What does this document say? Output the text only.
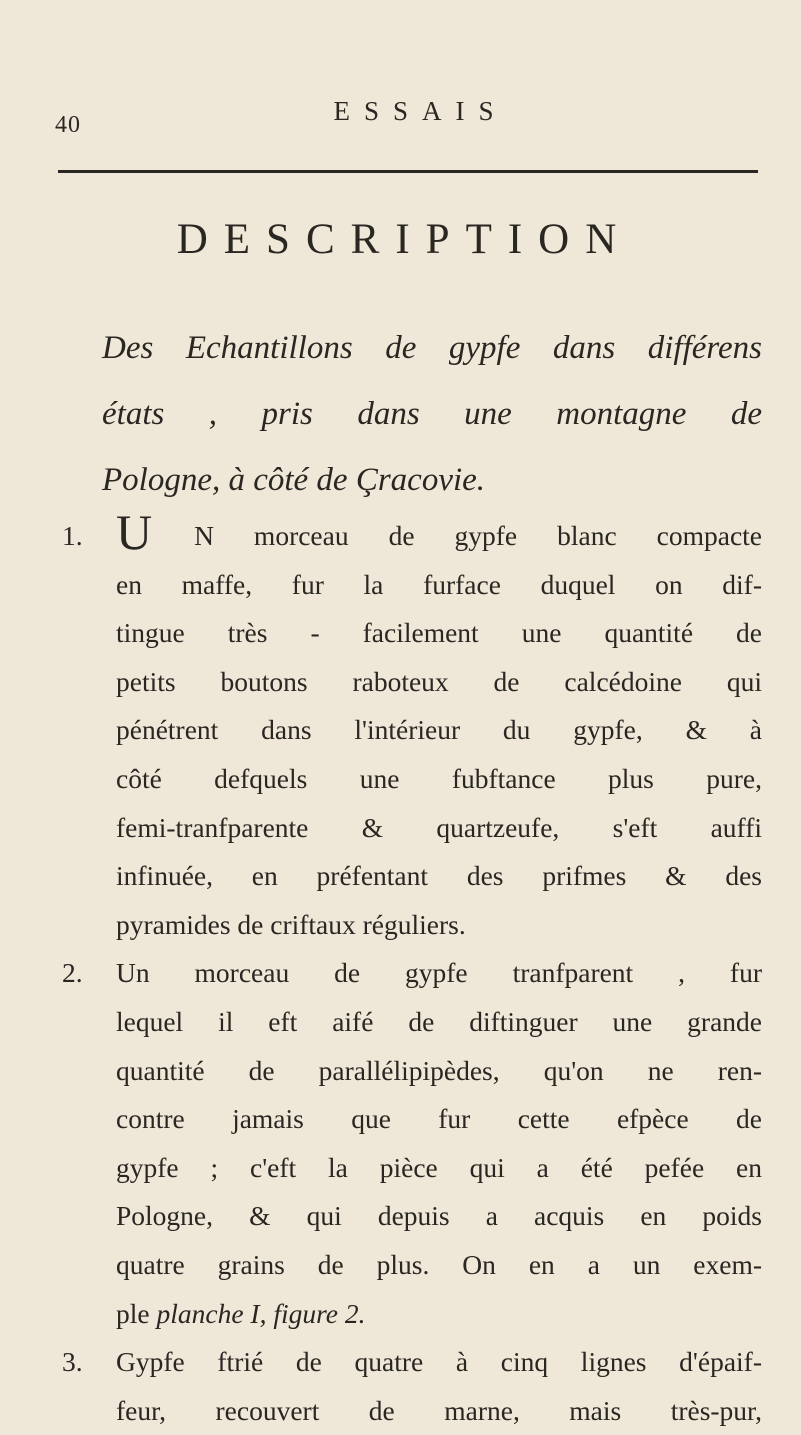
40	ESSAIS
DESCRIPTION
Des Echantillons de gypfe dans différens
états , pris dans une montagne de
Pologne, à côté de Çracovie.
1. U N morceau de gypfe blanc compacte
en maffe, fur la furface duquel on dif-
tingue très - facilement une quantité de
petits boutons raboteux de calcédoine qui
pénétrent dans l'intérieur du gypfe, & à
côté defquels une fubftance plus pure,
femi-tranfparente & quartzeufe, s'eft auffi
infinuée, en préfentant des prifmes & des
pyramides de criftaux réguliers.
2. Un morceau de gypfe tranfparent , fur
lequel il eft aifé de diftinguer une grande
quantité de parallélipipèdes, qu'on ne ren-
contre jamais que fur cette efpèce de
gypfe ; c'eft la pièce qui a été pefée en
Pologne, & qui depuis a acquis en poids
quatre grains de plus. On en a un exem-
ple planche I, figure 2.
3. Gypfe ftrié de quatre à cinq lignes d'épaif-
feur, recouvert de marne, mais très-pur,
